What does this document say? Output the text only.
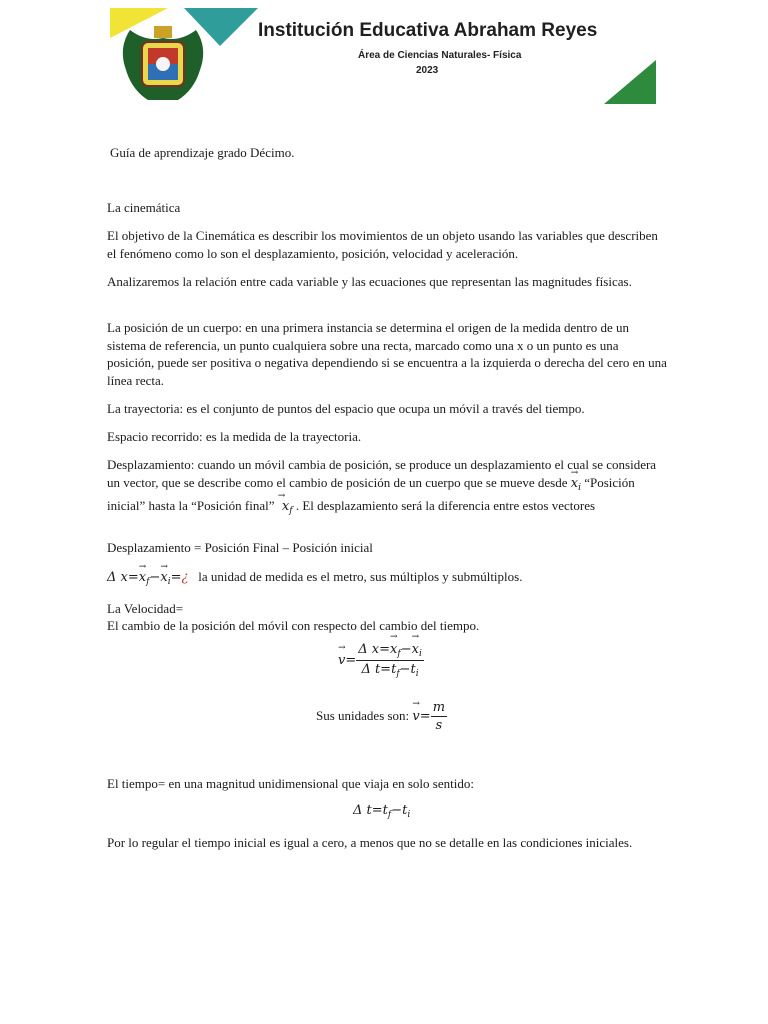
Institución Educativa Abraham Reyes
Área de Ciencias Naturales- Física
2023

Guía de aprendizaje grado Décimo.

La cinemática

El objetivo de la Cinemática es describir los movimientos de un objeto usando las variables que describen el fenómeno como lo son el desplazamiento, posición, velocidad y aceleración.

Analizaremos la relación entre cada variable y las ecuaciones que representan las magnitudes físicas.

La posición de un cuerpo: en una primera instancia se determina el origen de la medida dentro de un sistema de referencia, un punto cualquiera sobre una recta, marcado como una x o un punto es una posición, puede ser positiva o negativa dependiendo si se encuentra a la izquierda o derecha del cero en una línea recta.

La trayectoria: es el conjunto de puntos del espacio que ocupa un móvil a través del tiempo.

Espacio recorrido: es la medida de la trayectoria.

Desplazamiento: cuando un móvil cambia de posición, se produce un desplazamiento el cual se considera un vector, que se describe como el cambio de posición de un cuerpo que se mueve desde → $x_i$ “Posición inicial” hasta la “Posición final” →  $x_f$ . El desplazamiento será la diferencia entre estos vectores

Desplazamiento = Posición Final – Posición inicial

Δ $x=\to x_f-\to$ $x_i=¿$ la unidad de medida es el metro, sus múltiplos y submúltiplos.

La Velocidad=

El cambio de la posición del móvil con respecto del cambio del tiempo.

→ $v= \frac{\Delta x=\to x_f-\to x_i}{\Delta t=t_f-t_i}$
Sus unidades son: → $v= \frac{m}{s}$

El tiempo= en una magnitud unidimensional que viaja en solo sentido:

Δ $t=t_f-t_i$

Por lo regular el tiempo inicial es igual a cero, a menos que no se detalle en las condiciones iniciales.
